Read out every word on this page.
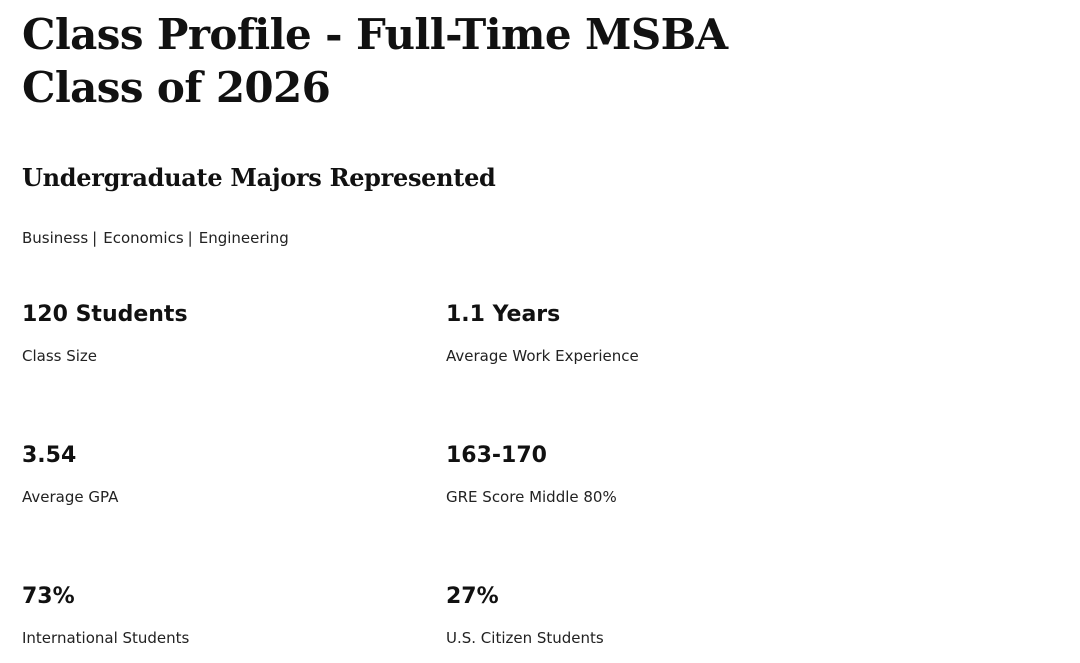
Class Profile - Full-Time MSBA Class of 2026
Undergraduate Majors Represented
Business | Economics | Engineering
120 Students
Class Size
1.1 Years
Average Work Experience
3.54
Average GPA
163-170
GRE Score Middle 80%
73%
International Students
27%
U.S. Citizen Students
